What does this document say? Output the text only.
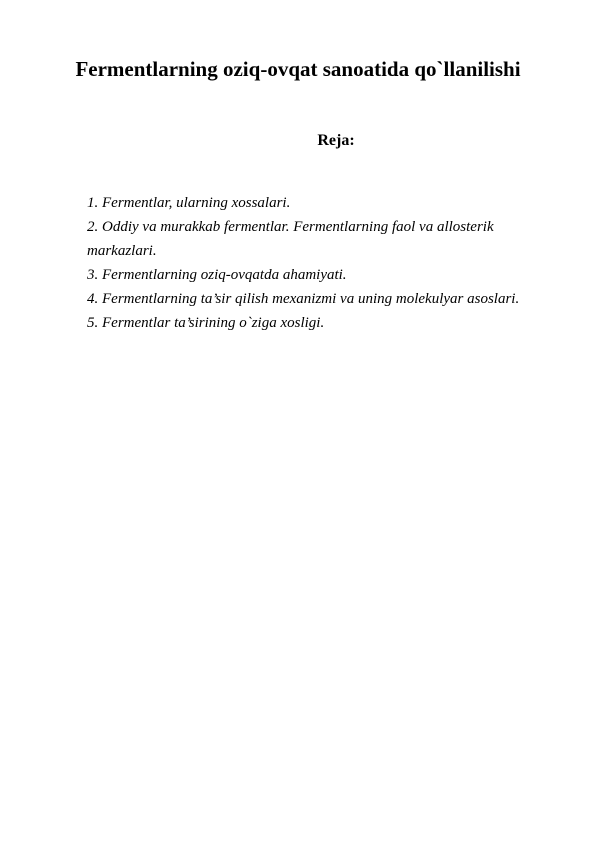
Fermentlarning oziq-ovqat sanoatida qo`llanilishi
Reja:
1. Fermentlar, ularning xossalari.
2. Oddiy va murakkab fermentlar. Fermentlarning faol va allosterik markazlari.
3. Fermentlarning oziq-ovqatda ahamiyati.
4. Fermentlarning ta’sir qilish mexanizmi va uning molekulyar asoslari.
5. Fermentlar ta’sirining o`ziga xosligi.
